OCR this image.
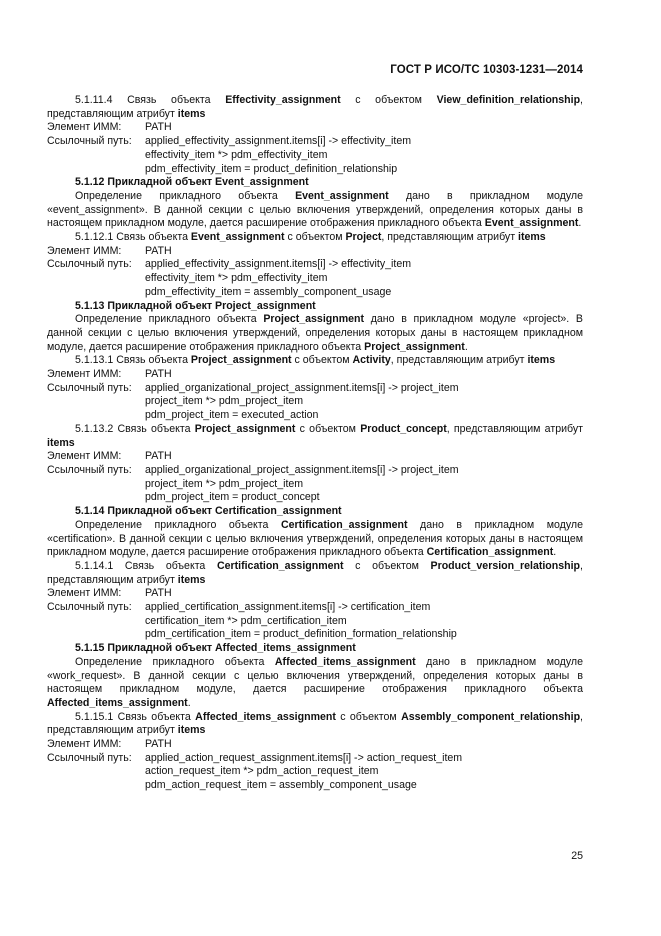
ГОСТ Р ИСО/ТС 10303-1231—2014

5.1.11.4 Связь объекта Effectivity_assignment с объектом View_definition_relationship, представляющим атрибут items

Элемент ИММ:	PATH
Ссылочный путь:	applied_effectivity_assignment.items[i] -> effectivity_item

effectivity_item *> pdm_effectivity_item

pdm_effectivity_item = product_definition_relationship

5.1.12 Прикладной объект Event_assignment

Определение прикладного объекта Event_assignment дано в прикладном модуле «event_assignment». В данной секции с целью включения утверждений, определения которых даны в настоящем прикладном модуле, дается расширение отображения прикладного объекта Event_assignment.

5.1.12.1 Связь объекта Event_assignment с объектом Project, представляющим атрибут items

Элемент ИММ:	PATH
Ссылочный путь:	applied_effectivity_assignment.items[i] -> effectivity_item

effectivity_item *> pdm_effectivity_item

pdm_effectivity_item = assembly_component_usage

5.1.13 Прикладной объект Project_assignment

Определение прикладного объекта Project_assignment дано в прикладном модуле «project». В данной секции с целью включения утверждений, определения которых даны в настоящем прикладном модуле, дается расширение отображения прикладного объекта Project_assignment.

5.1.13.1 Связь объекта Project_assignment с объектом Activity, представляющим атрибут items

Элемент ИММ:	PATH
Ссылочный путь:	applied_organizational_project_assignment.items[i] -> project_item

project_item *> pdm_project_item

pdm_project_item = executed_action

5.1.13.2 Связь объекта Project_assignment с объектом Product_concept, представляющим атрибут items

Элемент ИММ:	PATH
Ссылочный путь:	applied_organizational_project_assignment.items[i] -> project_item

project_item *> pdm_project_item

pdm_project_item = product_concept

5.1.14 Прикладной объект Certification_assignment

Определение прикладного объекта Certification_assignment дано в прикладном модуле «certification». В данной секции с целью включения утверждений, определения которых даны в настоящем прикладном модуле, дается расширение отображения прикладного объекта Certification_assignment.

5.1.14.1 Связь объекта Certification_assignment с объектом Product_version_relationship, представляющим атрибут items

Элемент ИММ:	PATH
Ссылочный путь:	applied_certification_assignment.items[i] -> certification_item

certification_item *> pdm_certification_item

pdm_certification_item = product_definition_formation_relationship

5.1.15 Прикладной объект Affected_items_assignment

Определение прикладного объекта Affected_items_assignment дано в прикладном модуле «work_request». В данной секции с целью включения утверждений, определения которых даны в настоящем прикладном модуле, дается расширение отображения прикладного объекта Affected_items_assignment.

5.1.15.1 Связь объекта Affected_items_assignment с объектом Assembly_component_relationship, представляющим атрибут items

Элемент ИММ:	PATH
Ссылочный путь:	applied_action_request_assignment.items[i] -> action_request_item

action_request_item *> pdm_action_request_item

pdm_action_request_item = assembly_component_usage

25
